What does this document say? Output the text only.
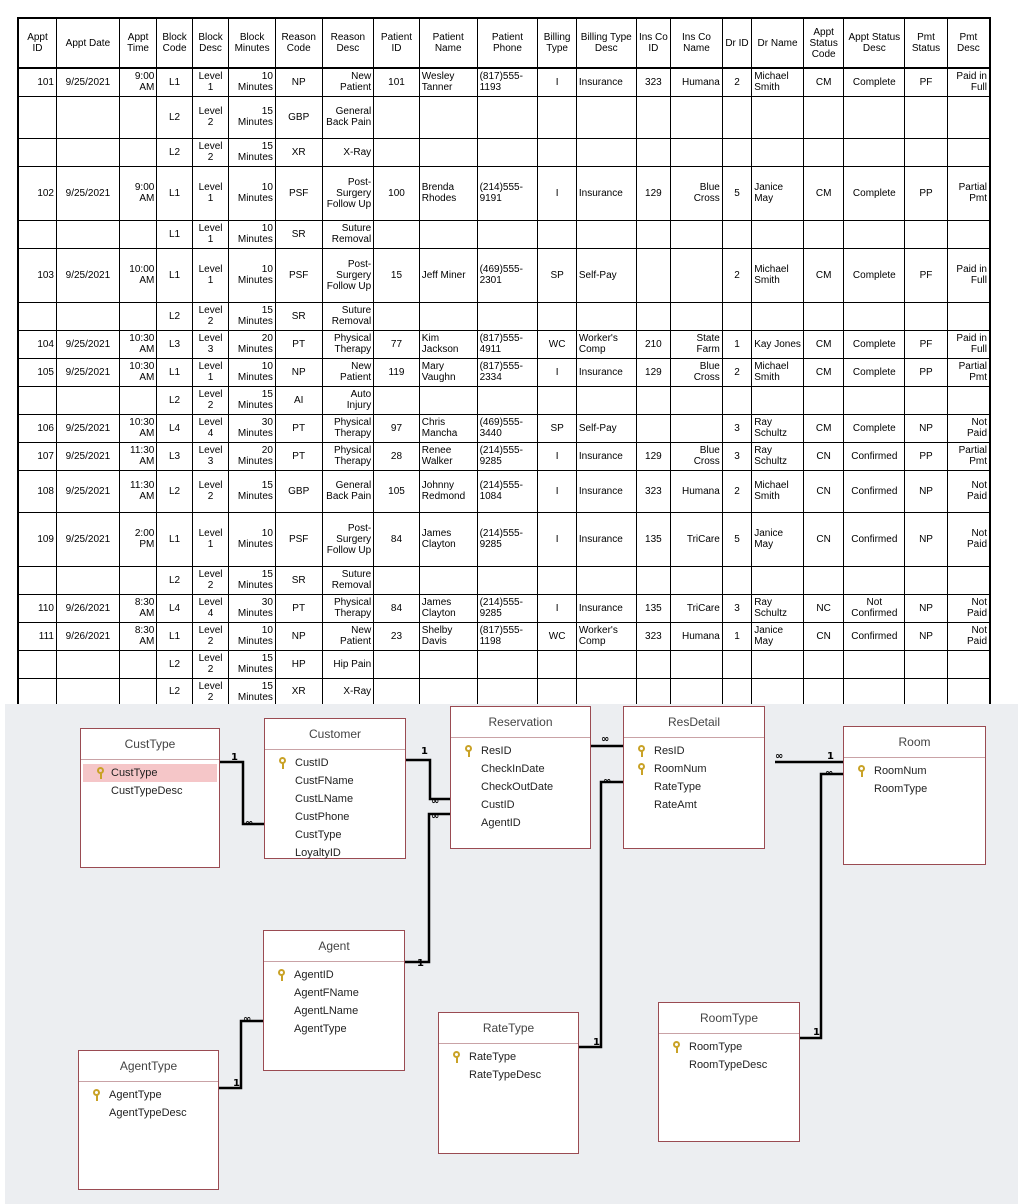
Appt ID	Appt Date	Appt Time	Block Code	Block Desc	Block Minutes	Reason Code	Reason Desc	Patient ID	Patient Name	Patient Phone	Billing Type	Billing Type Desc	Ins Co ID	Ins Co Name	Dr ID	Dr Name	Appt Status Code	Appt Status Desc	Pmt Status	Pmt Desc
101	9/25/2021	9:00 AM	L1	Level 1	10 Minutes	NP	New Patient	101	Wesley Tanner	(817)555-1193	I	Insurance	323	Humana	2	Michael Smith	CM	Complete	PF	Paid in Full
			L2	Level 2	15 Minutes	GBP	General Back Pain													
			L2	Level 2	15 Minutes	XR	X-Ray													
102	9/25/2021	9:00 AM	L1	Level 1	10 Minutes	PSF	Post-Surgery Follow Up	100	Brenda Rhodes	(214)555-9191	I	Insurance	129	Blue Cross	5	Janice May	CM	Complete	PP	Partial Pmt
			L1	Level 1	10 Minutes	SR	Suture Removal													
103	9/25/2021	10:00 AM	L1	Level 1	10 Minutes	PSF	Post-Surgery Follow Up	15	Jeff Miner	(469)555-2301	SP	Self-Pay			2	Michael Smith	CM	Complete	PF	Paid in Full
			L2	Level 2	15 Minutes	SR	Suture Removal													
104	9/25/2021	10:30 AM	L3	Level 3	20 Minutes	PT	Physical Therapy	77	Kim Jackson	(817)555-4911	WC	Worker's Comp	210	State Farm	1	Kay Jones	CM	Complete	PF	Paid in Full
105	9/25/2021	10:30 AM	L1	Level 1	10 Minutes	NP	New Patient	119	Mary Vaughn	(817)555-2334	I	Insurance	129	Blue Cross	2	Michael Smith	CM	Complete	PP	Partial Pmt
			L2	Level 2	15 Minutes	AI	Auto Injury													
106	9/25/2021	10:30 AM	L4	Level 4	30 Minutes	PT	Physical Therapy	97	Chris Mancha	(469)555-3440	SP	Self-Pay			3	Ray Schultz	CM	Complete	NP	Not Paid
107	9/25/2021	11:30 AM	L3	Level 3	20 Minutes	PT	Physical Therapy	28	Renee Walker	(214)555-9285	I	Insurance	129	Blue Cross	3	Ray Schultz	CN	Confirmed	PP	Partial Pmt
108	9/25/2021	11:30 AM	L2	Level 2	15 Minutes	GBP	General Back Pain	105	Johnny Redmond	(214)555-1084	I	Insurance	323	Humana	2	Michael Smith	CN	Confirmed	NP	Not Paid
109	9/25/2021	2:00 PM	L1	Level 1	10 Minutes	PSF	Post-Surgery Follow Up	84	James Clayton	(214)555-9285	I	Insurance	135	TriCare	5	Janice May	CN	Confirmed	NP	Not Paid
			L2	Level 2	15 Minutes	SR	Suture Removal													
110	9/26/2021	8:30 AM	L4	Level 4	30 Minutes	PT	Physical Therapy	84	James Clayton	(214)555-9285	I	Insurance	135	TriCare	3	Ray Schultz	NC	Not Confirmed	NP	Not Paid
111	9/26/2021	8:30 AM	L1	Level 2	10 Minutes	NP	New Patient	23	Shelby Davis	(817)555-1198	WC	Worker's Comp	323	Humana	1	Janice May	CN	Confirmed	NP	Not Paid
			L2	Level 2	15 Minutes	HP	Hip Pain													
			L2	Level 2	15 Minutes	XR	X-Ray													
1
∞
1
∞
1
∞
1
∞
∞
1
∞
1
∞
1
∞
CustType
CustType
CustTypeDesc
Customer
CustID
CustFName
CustLName
CustPhone
CustType
LoyaltyID
Reservation
ResID
CheckInDate
CheckOutDate
CustID
AgentID
ResDetail
ResID
RoomNum
RateType
RateAmt
Room
RoomNum
RoomType
Agent
AgentID
AgentFName
AgentLName
AgentType
AgentType
AgentType
AgentTypeDesc
RateType
RateType
RateTypeDesc
RoomType
RoomType
RoomTypeDesc
